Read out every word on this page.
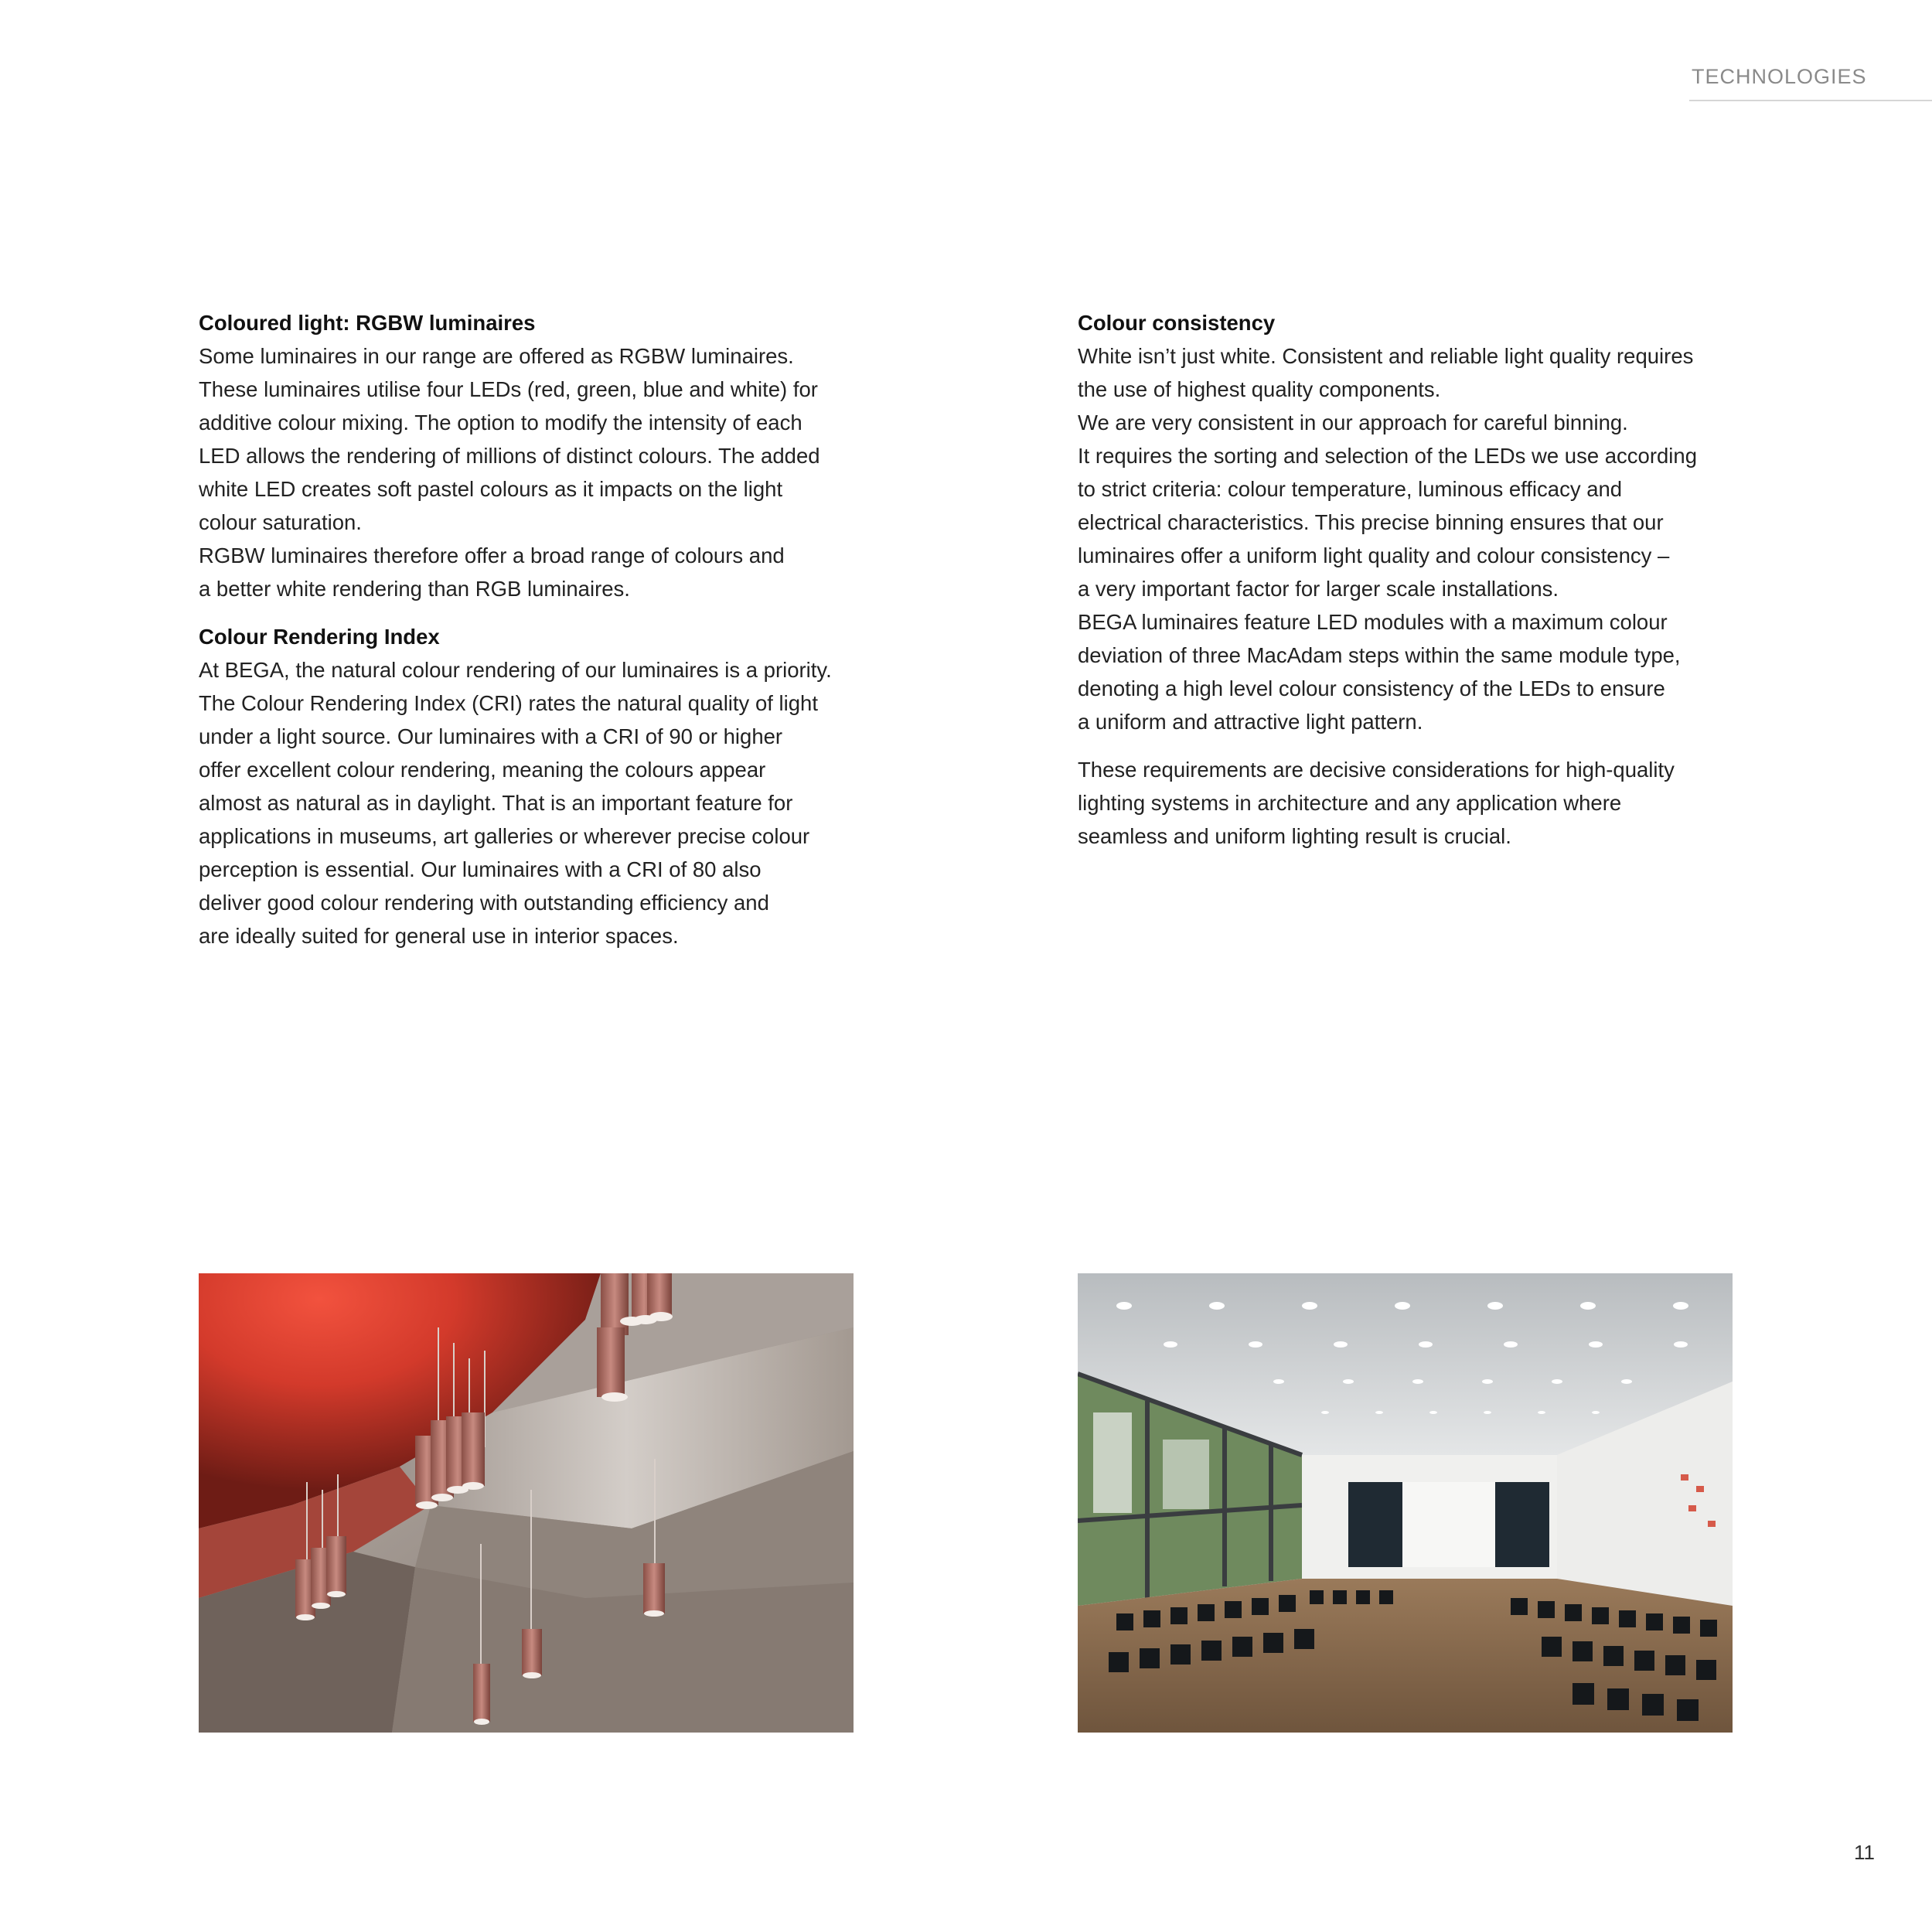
TECHNOLOGIES

Coloured light: RGBW luminaires

Some luminaires in our range are offered as RGBW luminaires.
These luminaires utilise four LEDs (red, green, blue and white) for
additive colour mixing. The option to modify the intensity of each
LED allows the rendering of millions of distinct colours. The added
white LED creates soft pastel colours as it impacts on the light
colour saturation.
RGBW luminaires therefore offer a broad range of colours and
a better white rendering than RGB luminaires.

Colour Rendering Index

At BEGA, the natural colour rendering of our luminaires is a priority.
The Colour Rendering Index (CRI) rates the natural quality of light
under a light source. Our luminaires with a CRI of 90 or higher
offer excellent colour rendering, meaning the colours appear
almost as natural as in daylight. That is an important feature for
applications in museums, art galleries or wherever precise colour
perception is essential. Our luminaires with a CRI of 80 also
deliver good colour rendering with outstanding efficiency and
are ideally suited for general use in interior spaces.

Colour consistency

White isn’t just white. Consistent and reliable light quality requires
the use of highest quality components.
We are very consistent in our approach for careful binning.
It requires the sorting and selection of the LEDs we use according
to strict criteria: colour temperature, luminous efficacy and
electrical characteristics. This precise binning ensures that our
luminaires offer a uniform light quality and colour consistency –
a very important factor for larger scale installations.
BEGA luminaires feature LED modules with a maximum colour
deviation of three MacAdam steps within the same module type,
denoting a high level colour consistency of the LEDs to ensure
a uniform and attractive light pattern.

These requirements are decisive considerations for high-quality
lighting systems in architecture and any application where
seamless and uniform lighting result is crucial.

11
